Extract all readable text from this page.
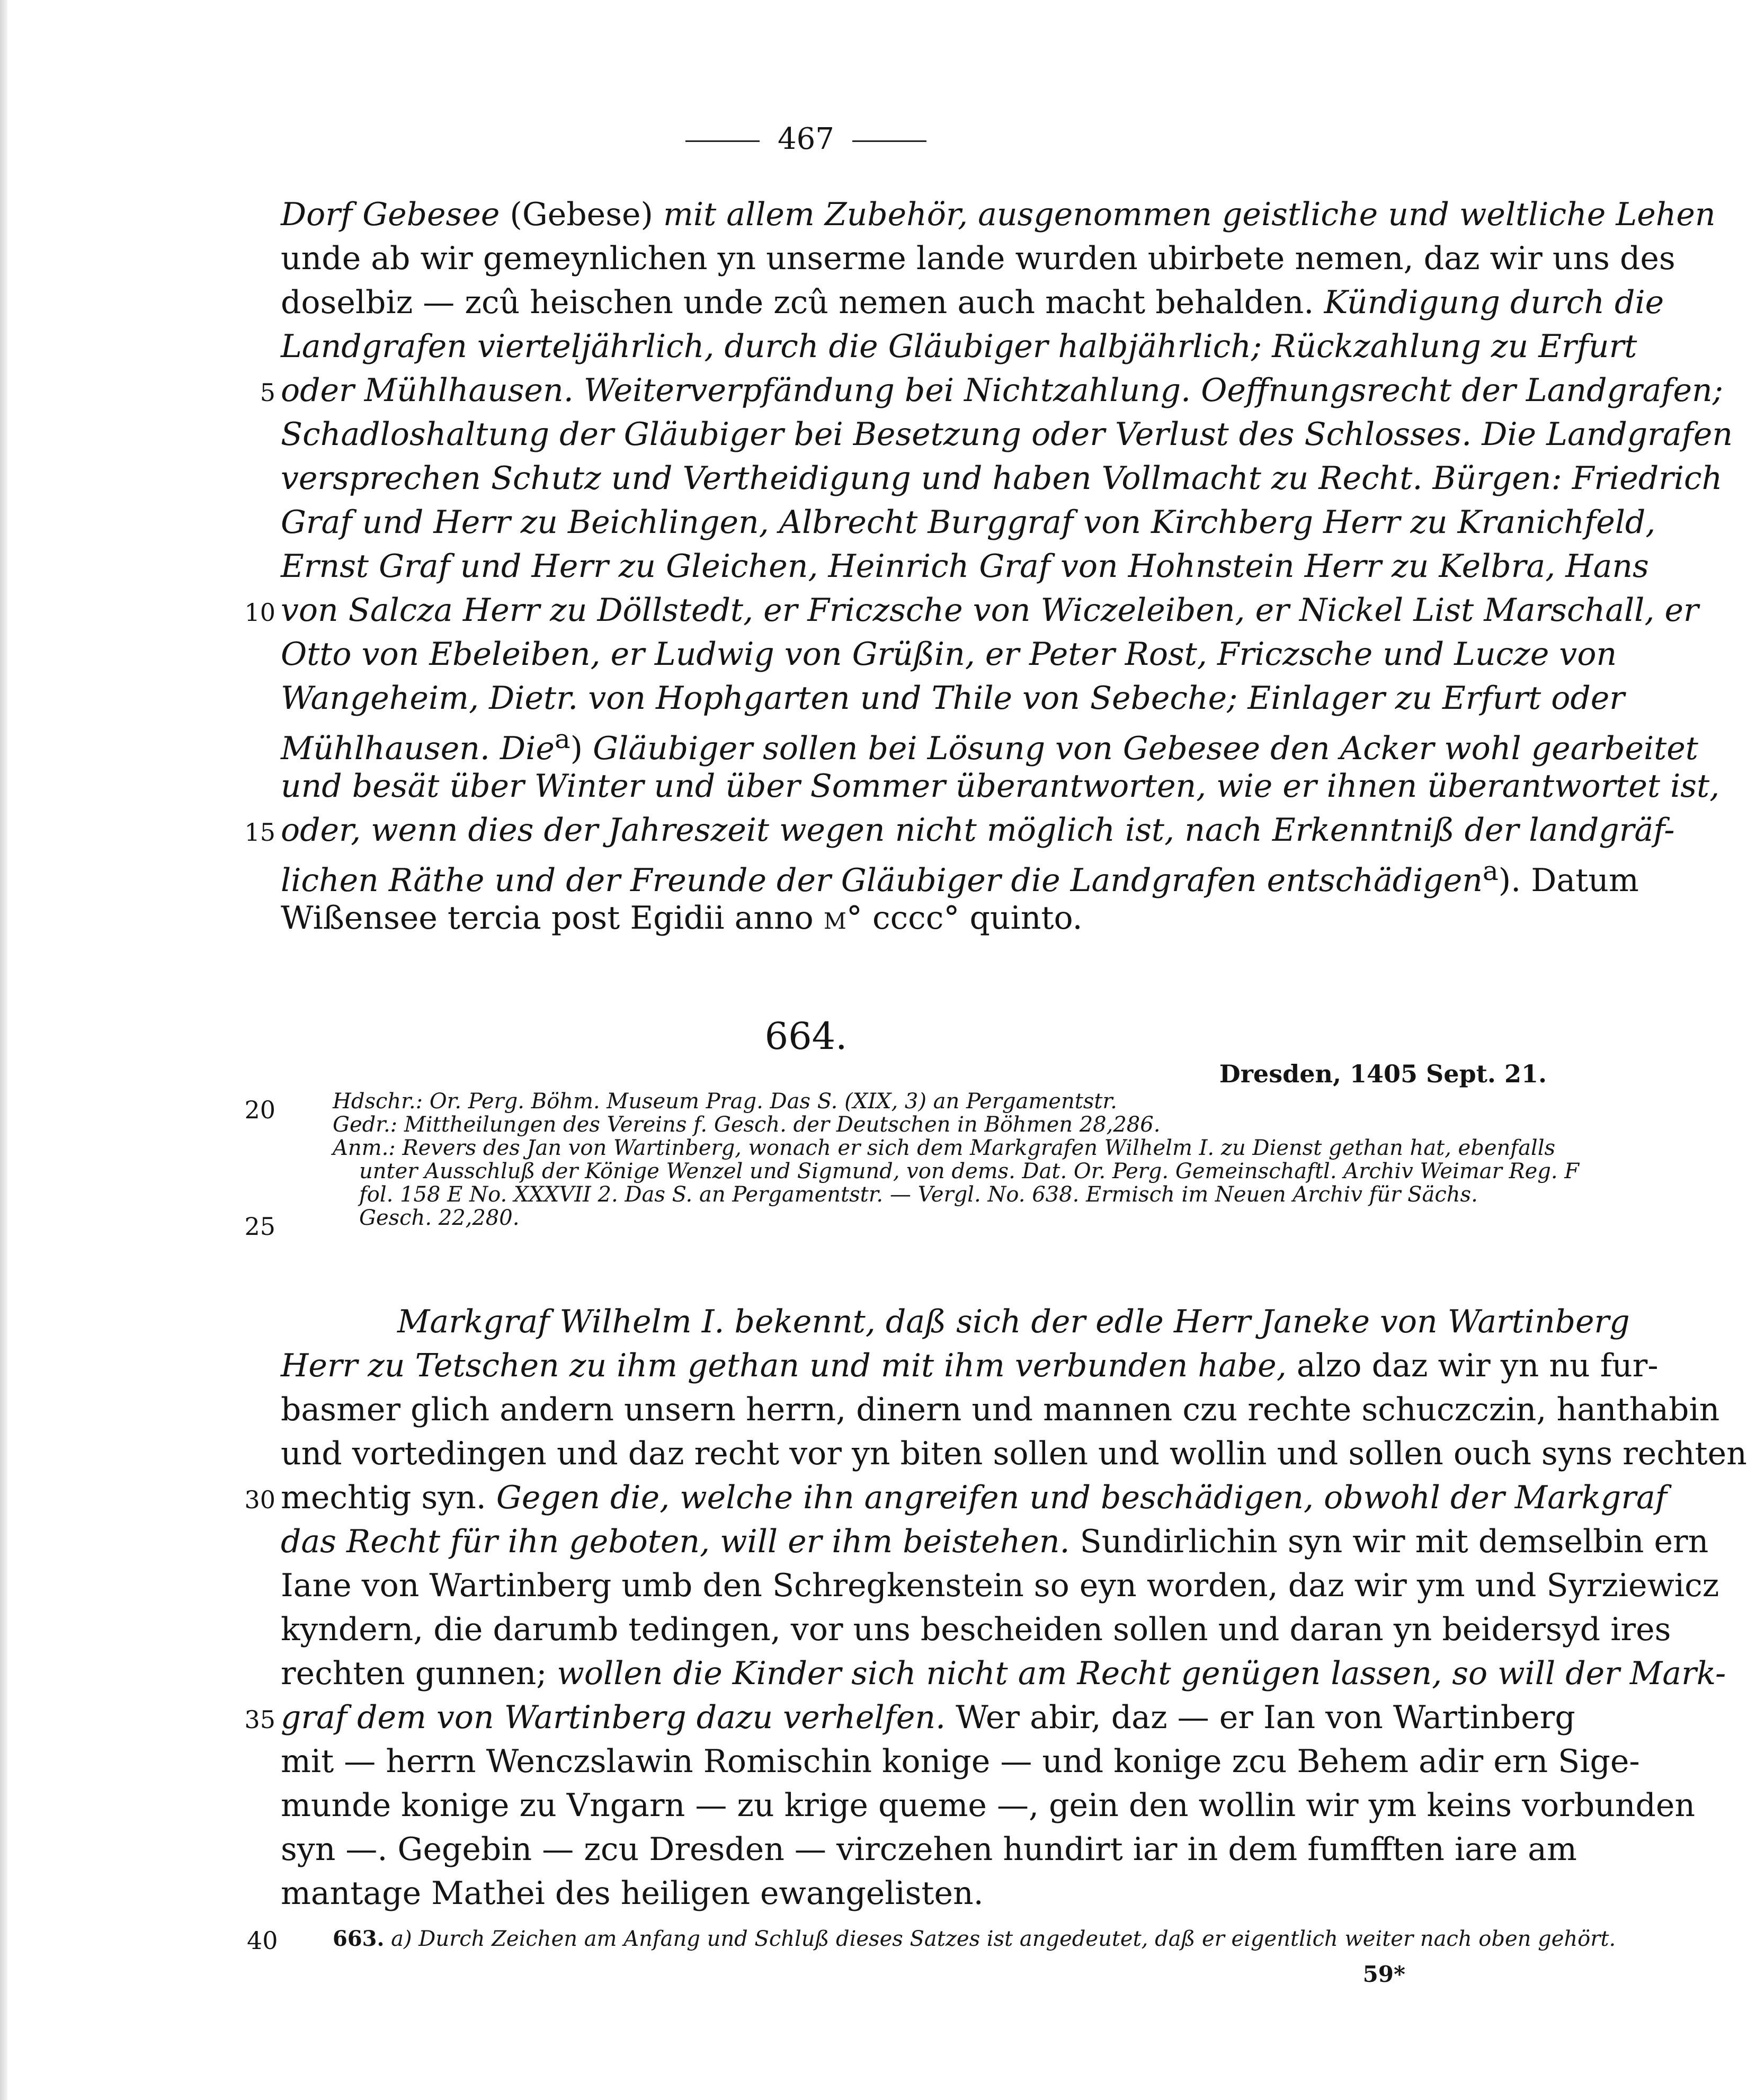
467
Dorf Gebesee (Gebese) mit allem Zubehör, ausgenommen geistliche und weltliche Lehen
unde ab wir gemeynlichen yn unserme lande wurden ubirbete nemen, daz wir uns des
doselbiz — zcû heischen unde zcû nemen auch macht behalden. Kündigung durch die
Landgrafen vierteljährlich, durch die Gläubiger halbjährlich; Rückzahlung zu Erfurt
oder Mühlhausen. Weiterverpfändung bei Nichtzahlung. Oeffnungsrecht der Landgrafen;
5
Schadloshaltung der Gläubiger bei Besetzung oder Verlust des Schlosses. Die Landgrafen
versprechen Schutz und Vertheidigung und haben Vollmacht zu Recht. Bürgen: Friedrich
Graf und Herr zu Beichlingen, Albrecht Burggraf von Kirchberg Herr zu Kranichfeld,
Ernst Graf und Herr zu Gleichen, Heinrich Graf von Hohnstein Herr zu Kelbra, Hans
von Salcza Herr zu Döllstedt, er Friczsche von Wiczeleiben, er Nickel List Marschall, er
10
Otto von Ebeleiben, er Ludwig von Grüßin, er Peter Rost, Friczsche und Lucze von
Wangeheim, Dietr. von Hophgarten und Thile von Sebeche; Einlager zu Erfurt oder
Mühlhausen. Die$^a$) Gläubiger sollen bei Lösung von Gebesee den Acker wohl gearbeitet
und besät über Winter und über Sommer überantworten, wie er ihnen überantwortet ist,
oder, wenn dies der Jahreszeit wegen nicht möglich ist, nach Erkenntniß der landgräf-
15
lichen Räthe und der Freunde der Gläubiger die Landgrafen entschädigen$^a$). Datum
Wißensee tercia post Egidii anno m° cccc° quinto.
664.
Dresden, 1405 Sept. 21.
Hdschr.: Or. Perg. Böhm. Museum Prag. Das S. (XIX, 3) an Pergamentstr.
20
Gedr.: Mittheilungen des Vereins f. Gesch. der Deutschen in Böhmen 28,286.
Anm.: Revers des Jan von Wartinberg, wonach er sich dem Markgrafen Wilhelm I. zu Dienst gethan hat, ebenfalls
unter Ausschluß der Könige Wenzel und Sigmund, von dems. Dat. Or. Perg. Gemeinschaftl. Archiv Weimar Reg. F
fol. 158 E No. XXXVII 2. Das S. an Pergamentstr. — Vergl. No. 638. Ermisch im Neuen Archiv für Sächs.
Gesch. 22,280.
25
Markgraf Wilhelm I. bekennt, daß sich der edle Herr Janeke von Wartinberg
Herr zu Tetschen zu ihm gethan und mit ihm verbunden habe, alzo daz wir yn nu fur-
basmer glich andern unsern herrn, dinern und mannen czu rechte schuczczin, hanthabin
und vortedingen und daz recht vor yn biten sollen und wollin und sollen ouch syns rechten
mechtig syn. Gegen die, welche ihn angreifen und beschädigen, obwohl der Markgraf
30
das Recht für ihn geboten, will er ihm beistehen. Sundirlichin syn wir mit demselbin ern
Iane von Wartinberg umb den Schregkenstein so eyn worden, daz wir ym und Syrziewicz
kyndern, die darumb tedingen, vor uns bescheiden sollen und daran yn beidersyd ires
rechten gunnen; wollen die Kinder sich nicht am Recht genügen lassen, so will der Mark-
graf dem von Wartinberg dazu verhelfen. Wer abir, daz — er Ian von Wartinberg
35
mit — herrn Wenczslawin Romischin konige — und konige zcu Behem adir ern Sige-
munde konige zu Vngarn — zu krige queme —, gein den wollin wir ym keins vorbunden
syn —. Gegebin — zcu Dresden — virczehen hundirt iar in dem fumfften iare am
mantage Mathei des heiligen ewangelisten.
40	663. a) Durch Zeichen am Anfang und Schluß dieses Satzes ist angedeutet, daß er eigentlich weiter nach oben gehört.
59*
